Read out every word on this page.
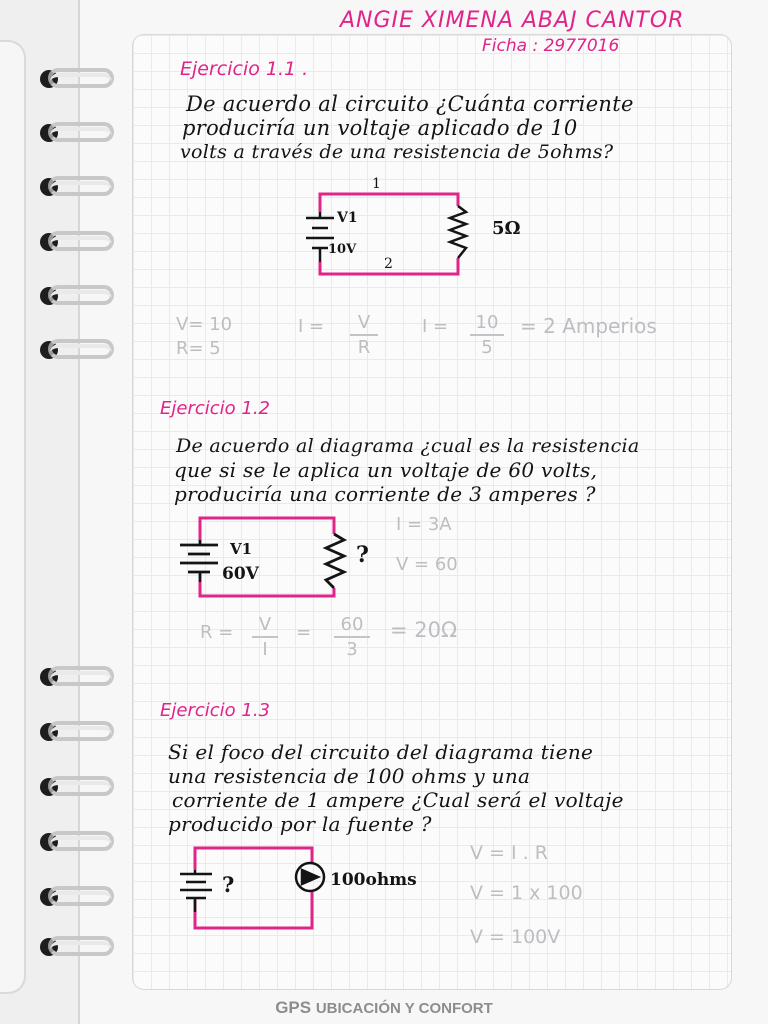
ANGIE XIMENA ABAJ CANTOR
Ficha : 2977016
Ejercicio 1.1 .
De acuerdo al circuito ¿Cuánta corriente
produciría un voltaje aplicado de 10
volts a través de una resistencia de 5ohms?
1
2
V1
10V
5Ω
V= 10
R= 5
I =	V
R
I =	10
5
= 2 Amperios
Ejercicio 1.2
De acuerdo al diagrama ¿cual es la resistencia
que si se le aplica un voltaje de 60 volts,
produciría una corriente de 3 amperes ?
V1
60V
?
I = 3A
V = 60
R =	V
I
=	60
3
= 20Ω
Ejercicio 1.3
Si el foco del circuito del diagrama tiene
una resistencia de 100 ohms y una
corriente de 1 ampere ¿Cual será el voltaje
producido por la fuente ?
?	100ohms
V = I . R
V = 1 x 100
V = 100V
GPS UBICACIÓN Y CONFORT
